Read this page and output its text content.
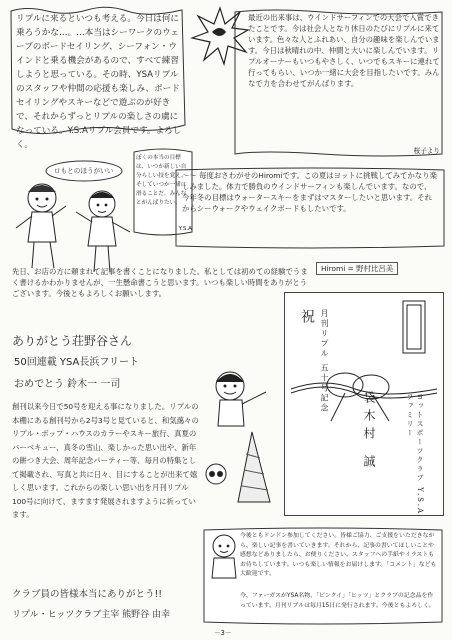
リプルに来るといつも考える。今日は何に乗ろうかな…。…本当はシーワークのウェーブのボードセイリング、シーフォン・ウインドと乗る機会があるので、すべて練習しようと思っている。その時、YSAリプルのスタッフや仲間の応援も楽しみ、ボードセイリングやスキーなどで遊ぶのが好きで、それからずっとリプルの楽しさの虜になっている。Y.S.Aリプル会員です。よろしく。

最近の出来事は、ウインドサーフィンでの大会で入賞できたことです。今は社会人となり休日のたびにリプルに来ています。色々な人とふれあい、自分の趣味を楽しんでいます。今日は秋晴れの中、仲間と大いに楽しんでいます。リプルオーナーもいつもやさしく、いつでもスキーに連れて行ってもらい、いつか一緒に大会を目指したいです。みんなで力を合わせてがんばります。

桜子より
ロもとのほうがいい

ぼくの本当の目標は、いつか新しい自分らしい技を覚え、そしていつか一緒に滑ることだ。みんなとがんばりたい。

Y.S.A

〜〜 毎度おさわがせのHiromiです。この夏はヨットに挑戦してみてかなり楽しみました。体力で勝負のウインドサーフィンも楽しんでいます。なので、今年冬の目標はウォータースキーをまずはマスターしたいと思います。それからシーウォークやウェイクボードもしたいです。

Hiromi = 野村比呂美

先日、お店の方に頼まれて記事を書くことになりました。私としては初めての経験でうまく書けるかわかりませんが、一生懸命書こうと思います。いつも楽しい時間をありがとうございます。今後ともよろしくお願いします。

ありがとう荘野谷さん

祝 月刊リプル 五十号記念
袋木村 誠	ヨットスポーツクラブ Y.S.Aファミリー

50回連載 YSA長浜フリート

おめでとう 鈴木一 一司

創刊以来今日で50号を迎える事になりました。リプルの本棚にある創刊号から2号3号と見ていると、和気藹々のリプル・ボップ・ハウスのカラーやスキー旅行、真夏のバーベキュー、真冬の雪山、楽しかった思い出や、新年の餅つき大会、周年記念パーティー等、毎月の特集として掲載され、写真と共に日々、目にすることが出来て嬉しく思います。これからの楽しい思い出を月刊リプル100号に向けて、ますます発展されますように祈っています。

クラブ員の皆様本当にありがとう!!

リプル・ヒッツクラブ主宰 熊野谷 由幸

今後ともドンドン参加してください。皆様ご協力、ご支援をいただきながら、楽しい記事を書いていきます。それから、記事の書いてほしいことや感想などありましたら、お便りください。スタッフへの手紙やイラストもお待ちしています。いつも楽しい情報をお届けします。「コメント」なども大歓迎です。

今、ファーガスがYSA名物、「ピンクイ」「ヒッツ」とクラブの記念品を作っています。月刊リプルは毎月15日に発行されます。今後ともよろしく。

－3－
